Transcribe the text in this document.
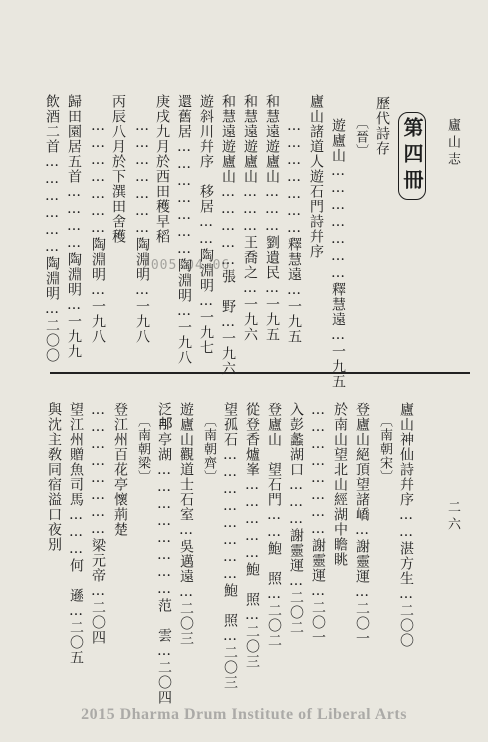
廬山志
二六
第四冊
歷代詩存
〔晉〕
遊廬山…………………釋慧遠…一九五
廬山諸道人遊石門詩幷序
…………………釋慧遠…一九五
和慧遠遊廬山………劉遺民…一九五
和慧遠遊廬山………王喬之…一九六
和慧遠遊廬山……………張　野…一九六
遊斜川幷序　移居……陶淵明…一九七
還舊居…………………陶淵明…一九八
庚戌九月於西田穫早稻
…………………陶淵明…一九八
丙辰八月於下潠田舍穫
…………………陶淵明…一九八
歸田園居五首…………陶淵明…一九九
飲酒二首………………陶淵明…二〇〇	2005-04-06
廬山神仙詩幷序……湛方生…二〇〇
〔南朝宋〕
登廬山絕頂望諸嶠…謝靈運…二〇一
於南山望北山經湖中瞻眺
……………………謝靈運…二〇一
入彭蠡湖口………謝靈運…二〇二
登廬山　望石門……鮑　照…二〇二
從登香爐峯……………鮑　照…二〇三
望孤石……………………鮑　照…二〇三
〔南朝齊〕
遊廬山觀道士石室…吳邁遠…二〇三
泛𨚗亭湖……………………范　雲…二〇四
〔南朝梁〕
登江州百花亭懷荊楚
……………………梁元帝…二〇四
望江州贈魚司馬………何　遜…二〇五
與沈主敎同宿溢口夜別
2015 Dharma Drum Institute of Liberal Arts
